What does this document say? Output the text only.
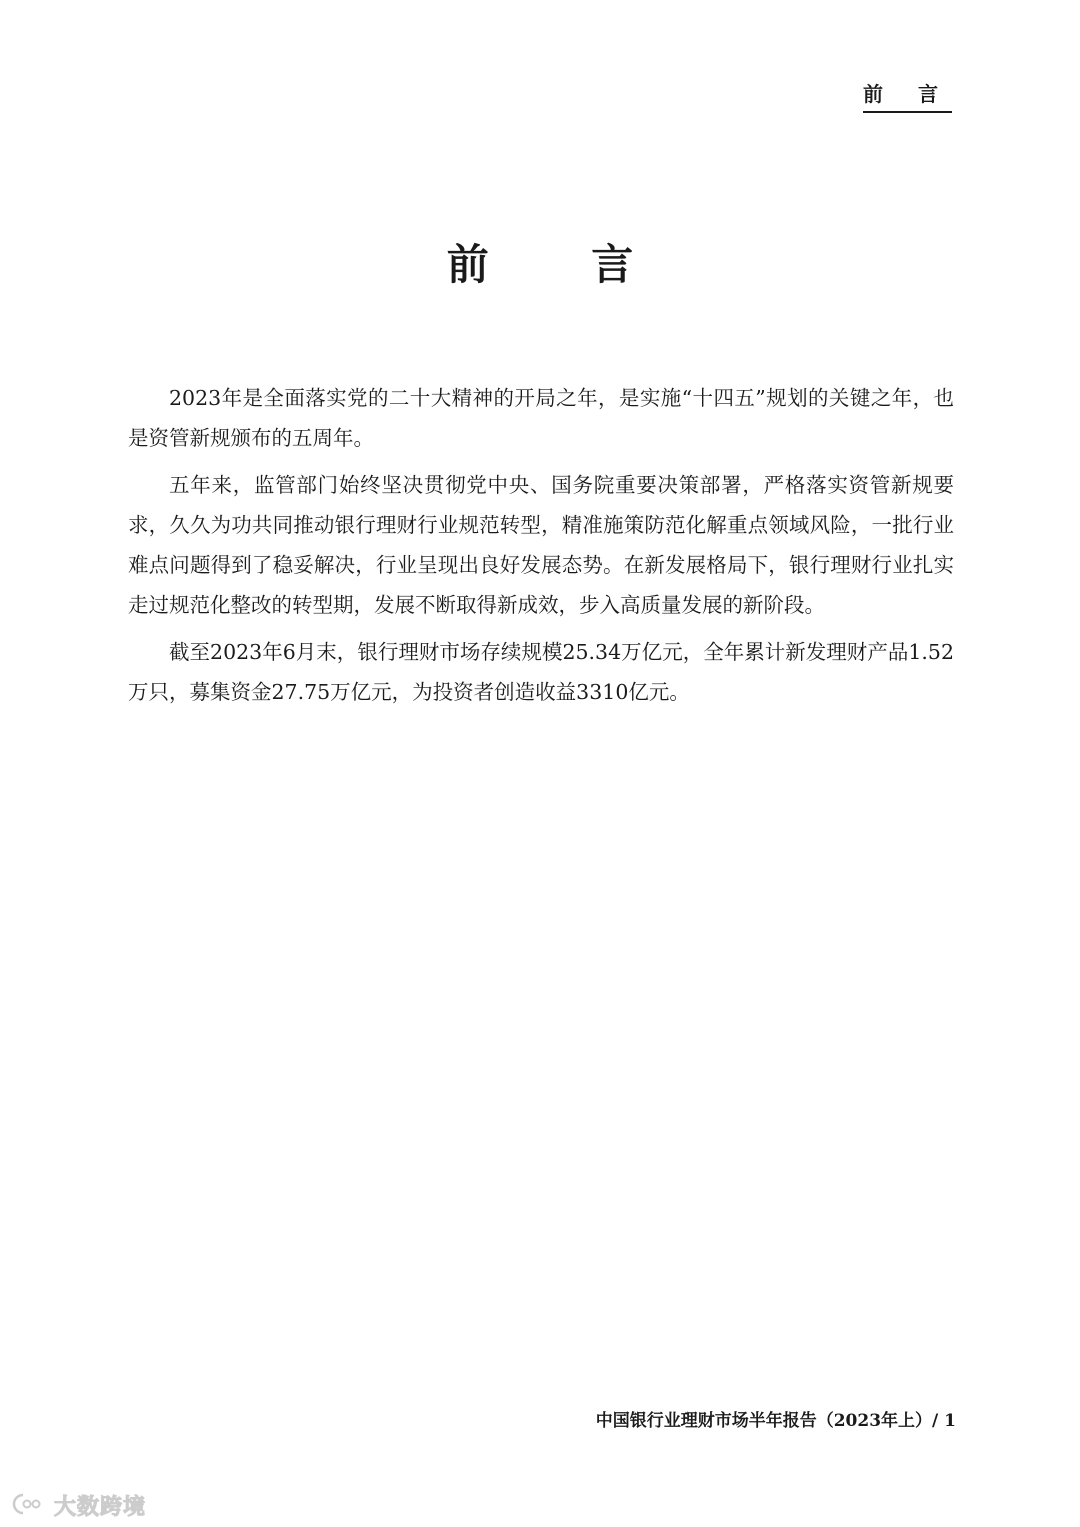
前 言
前 言

2023年是全面落实党的二十大精神的开局之年，是实施“十四五”规划的关键之年，也是资管新规颁布的五周年。

五年来，监管部门始终坚决贯彻党中央、国务院重要决策部署，严格落实资管新规要求，久久为功共同推动银行理财行业规范转型，精准施策防范化解重点领域风险，一批行业难点问题得到了稳妥解决，行业呈现出良好发展态势。在新发展格局下，银行理财行业扎实走过规范化整改的转型期，发展不断取得新成效，步入高质量发展的新阶段。

截至2023年6月末，银行理财市场存续规模25.34万亿元，全年累计新发理财产品1.52万只，募集资金27.75万亿元，为投资者创造收益3310亿元。

中国银行业理财市场半年报告（2023年上）/ 1
大数跨境
